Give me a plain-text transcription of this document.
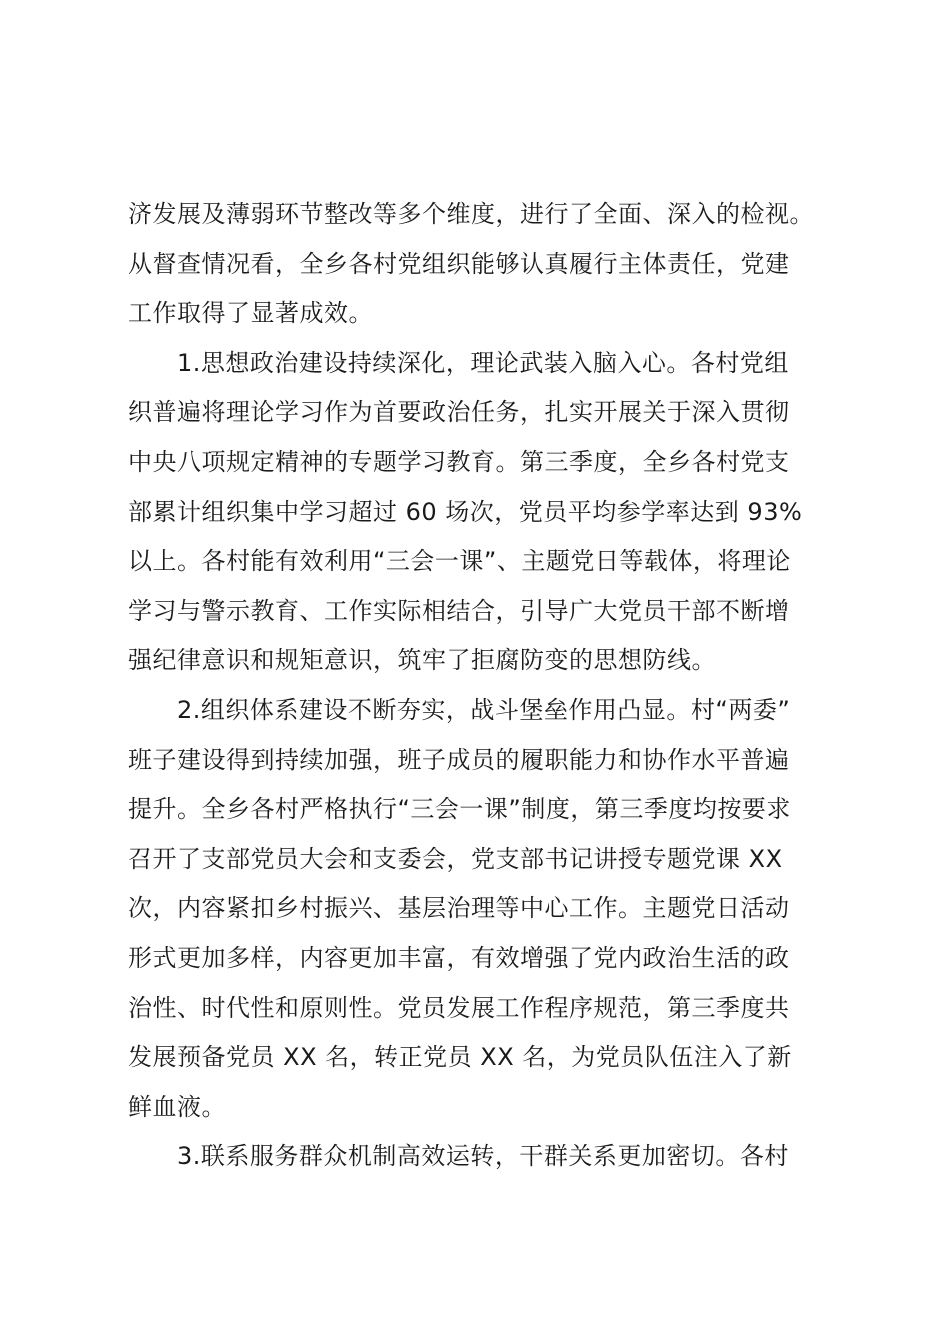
济发展及薄弱环节整改等多个维度，进行了全面、深入的检视。
从督查情况看，全乡各村党组织能够认真履行主体责任，党建
工作取得了显著成效。
　　1.思想政治建设持续深化，理论武装入脑入心。各村党组
织普遍将理论学习作为首要政治任务，扎实开展关于深入贯彻
中央八项规定精神的专题学习教育。第三季度，全乡各村党支
部累计组织集中学习超过 60 场次，党员平均参学率达到 93%
以上。各村能有效利用“三会一课”、主题党日等载体，将理论
学习与警示教育、工作实际相结合，引导广大党员干部不断增
强纪律意识和规矩意识，筑牢了拒腐防变的思想防线。
　　2.组织体系建设不断夯实，战斗堡垒作用凸显。村“两委”
班子建设得到持续加强，班子成员的履职能力和协作水平普遍
提升。全乡各村严格执行“三会一课”制度，第三季度均按要求
召开了支部党员大会和支委会，党支部书记讲授专题党课 XX
次，内容紧扣乡村振兴、基层治理等中心工作。主题党日活动
形式更加多样，内容更加丰富，有效增强了党内政治生活的政
治性、时代性和原则性。党员发展工作程序规范，第三季度共
发展预备党员 XX 名，转正党员 XX 名，为党员队伍注入了新
鲜血液。
　　3.联系服务群众机制高效运转，干群关系更加密切。各村
